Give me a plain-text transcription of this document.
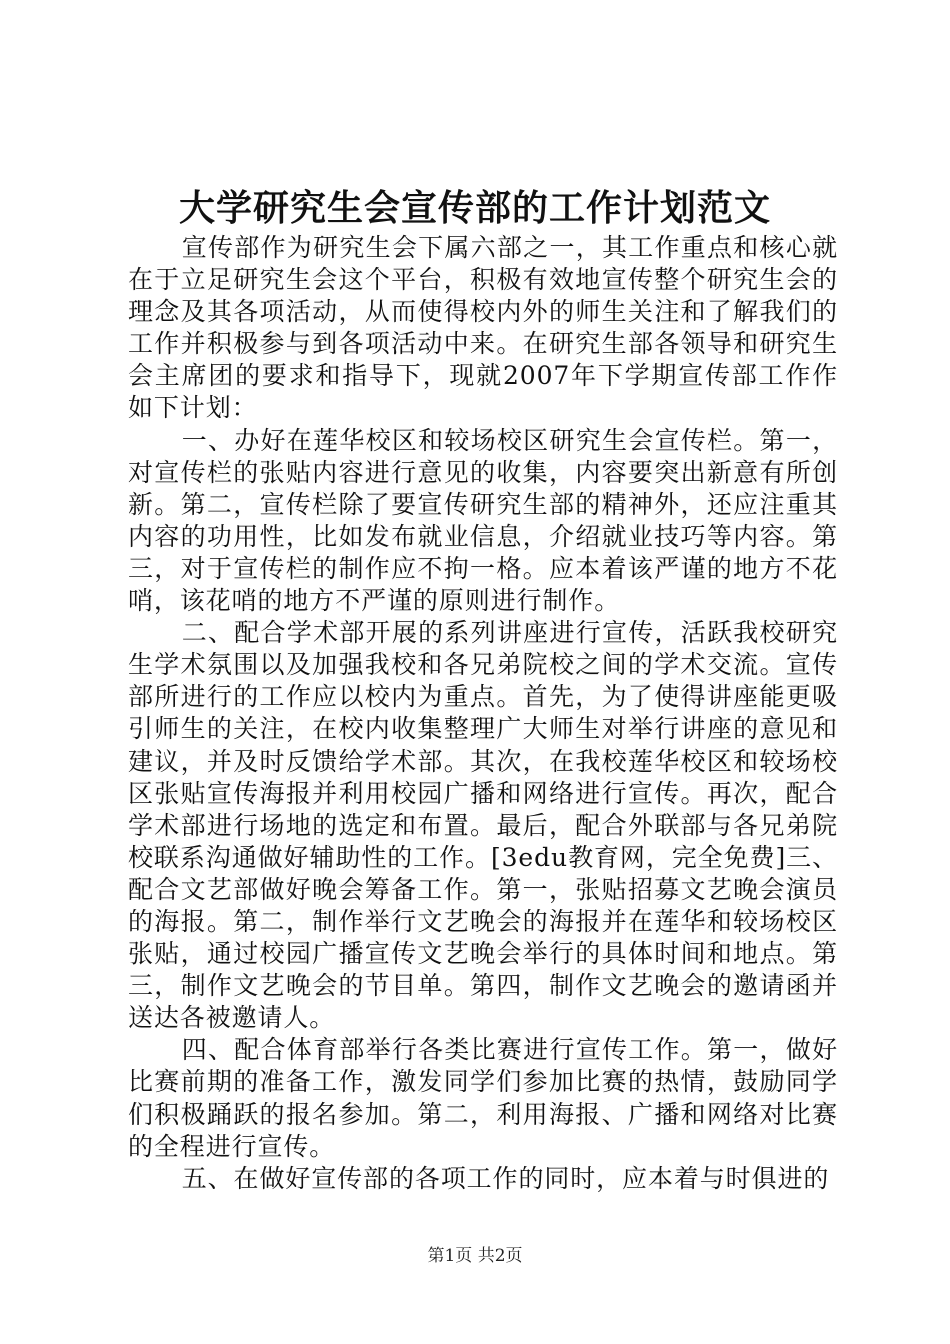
大学研究生会宣传部的工作计划范文

宣传部作为研究生会下属六部之一，其工作重点和核心就在于立足研究生会这个平台，积极有效地宣传整个研究生会的理念及其各项活动，从而使得校内外的师生关注和了解我们的工作并积极参与到各项活动中来。在研究生部各领导和研究生会主席团的要求和指导下，现就2007年下学期宣传部工作作如下计划：

一、办好在莲华校区和较场校区研究生会宣传栏。第一，对宣传栏的张贴内容进行意见的收集，内容要突出新意有所创新。第二，宣传栏除了要宣传研究生部的精神外，还应注重其内容的功用性，比如发布就业信息，介绍就业技巧等内容。第三，对于宣传栏的制作应不拘一格。应本着该严谨的地方不花哨，该花哨的地方不严谨的原则进行制作。

二、配合学术部开展的系列讲座进行宣传，活跃我校研究生学术氛围以及加强我校和各兄弟院校之间的学术交流。宣传部所进行的工作应以校内为重点。首先，为了使得讲座能更吸引师生的关注，在校内收集整理广大师生对举行讲座的意见和建议，并及时反馈给学术部。其次，在我校莲华校区和较场校区张贴宣传海报并利用校园广播和网络进行宣传。再次，配合学术部进行场地的选定和布置。最后，配合外联部与各兄弟院校联系沟通做好辅助性的工作。[3edu教育网，完全免费]三、配合文艺部做好晚会筹备工作。第一，张贴招募文艺晚会演员的海报。第二，制作举行文艺晚会的海报并在莲华和较场校区张贴，通过校园广播宣传文艺晚会举行的具体时间和地点。第三，制作文艺晚会的节目单。第四，制作文艺晚会的邀请函并送达各被邀请人。

四、配合体育部举行各类比赛进行宣传工作。第一，做好比赛前期的准备工作，激发同学们参加比赛的热情，鼓励同学们积极踊跃的报名参加。第二，利用海报、广播和网络对比赛的全程进行宣传。

五、在做好宣传部的各项工作的同时，应本着与时俱进的

第1页 共2页
